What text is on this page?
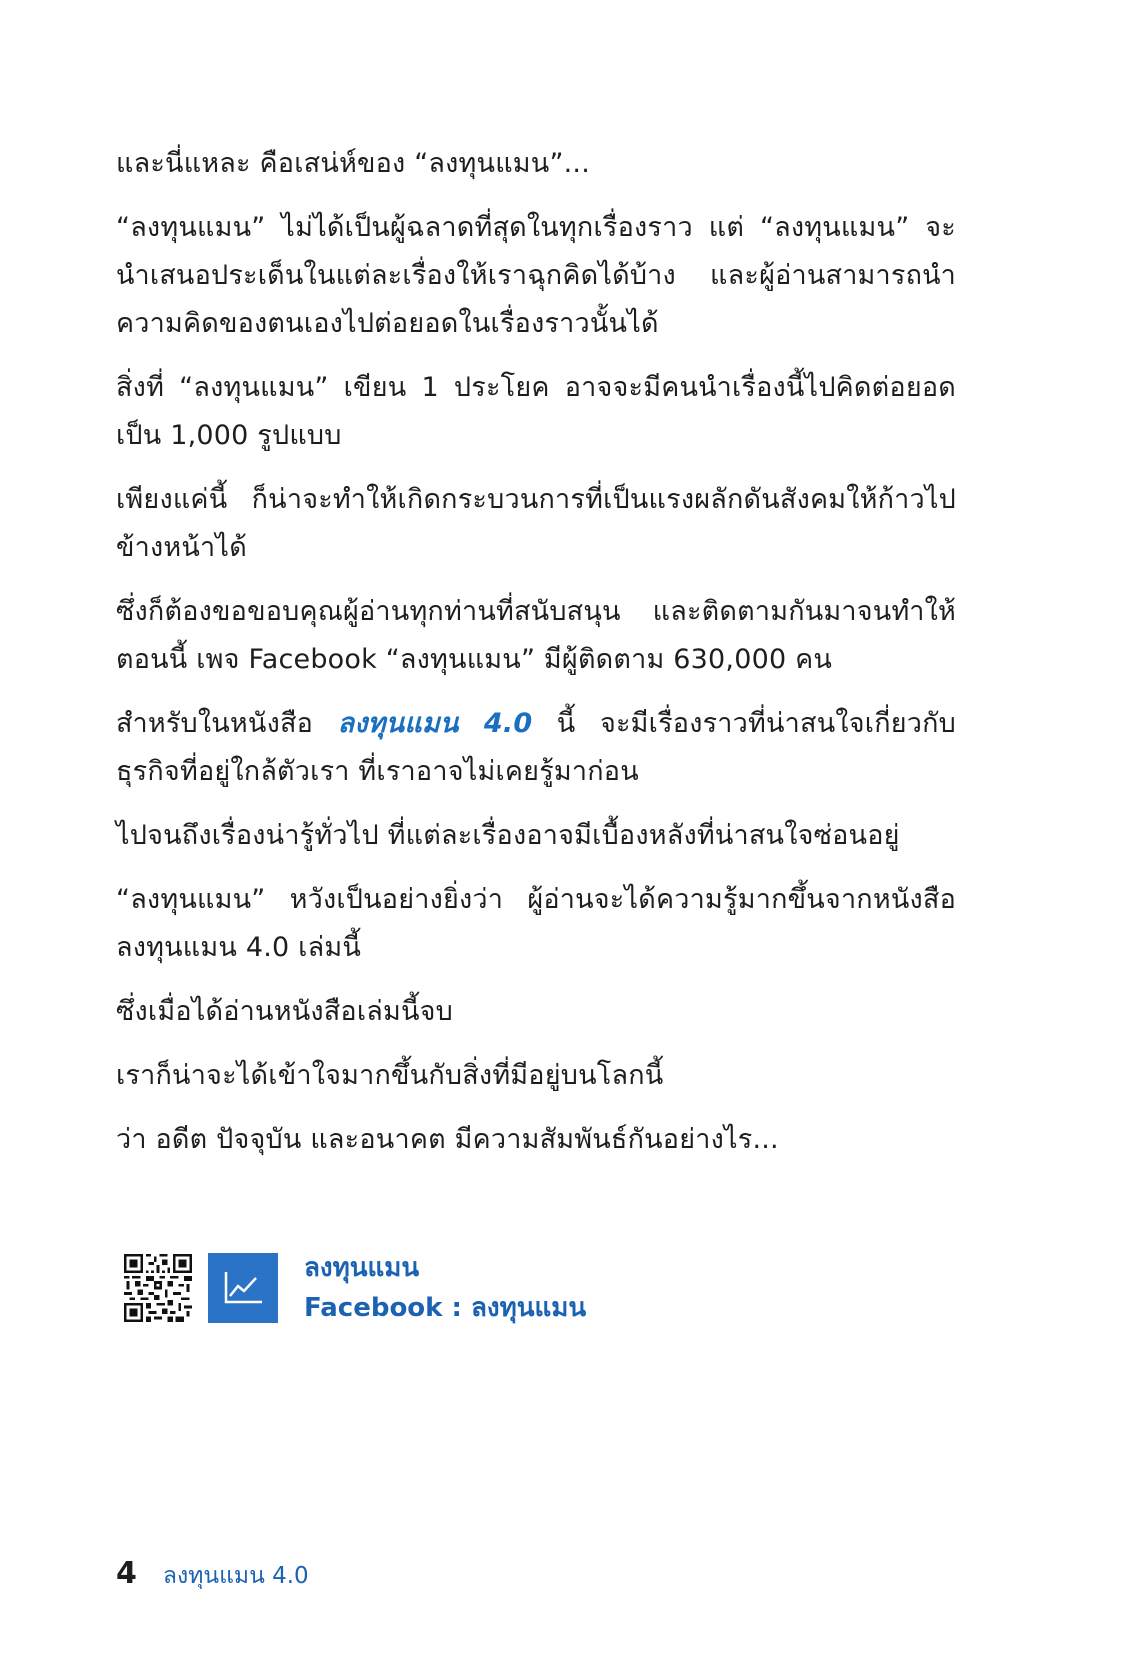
และนี่แหละ คือเสน่ห์ของ “ลงทุนแมน”...

“ลงทุนแมน” ไม่ได้เป็นผู้ฉลาดที่สุดในทุกเรื่องราว แต่ “ลงทุนแมน” จะนำเสนอประเด็นในแต่ละเรื่องให้เราฉุกคิดได้บ้าง และผู้อ่านสามารถนำความคิดของตนเองไปต่อยอดในเรื่องราวนั้นได้

สิ่งที่ “ลงทุนแมน” เขียน 1 ประโยค อาจจะมีคนนำเรื่องนี้ไปคิดต่อยอดเป็น 1,000 รูปแบบ

เพียงแค่นี้ ก็น่าจะทำให้เกิดกระบวนการที่เป็นแรงผลักดันสังคมให้ก้าวไปข้างหน้าได้

ซึ่งก็ต้องขอขอบคุณผู้อ่านทุกท่านที่สนับสนุน และติดตามกันมาจนทำให้ตอนนี้ เพจ Facebook “ลงทุนแมน” มีผู้ติดตาม 630,000 คน

สำหรับในหนังสือ ลงทุนแมน 4.0 นี้ จะมีเรื่องราวที่น่าสนใจเกี่ยวกับธุรกิจที่อยู่ใกล้ตัวเรา ที่เราอาจไม่เคยรู้มาก่อน

ไปจนถึงเรื่องน่ารู้ทั่วไป ที่แต่ละเรื่องอาจมีเบื้องหลังที่น่าสนใจซ่อนอยู่

“ลงทุนแมน” หวังเป็นอย่างยิ่งว่า ผู้อ่านจะได้ความรู้มากขึ้นจากหนังสือลงทุนแมน 4.0 เล่มนี้

ซึ่งเมื่อได้อ่านหนังสือเล่มนี้จบ

เราก็น่าจะได้เข้าใจมากขึ้นกับสิ่งที่มีอยู่บนโลกนี้

ว่า อดีต ปัจจุบัน และอนาคต มีความสัมพันธ์กันอย่างไร...

ลงทุนแมน
Facebook : ลงทุนแมน
4 ลงทุนแมน 4.0
